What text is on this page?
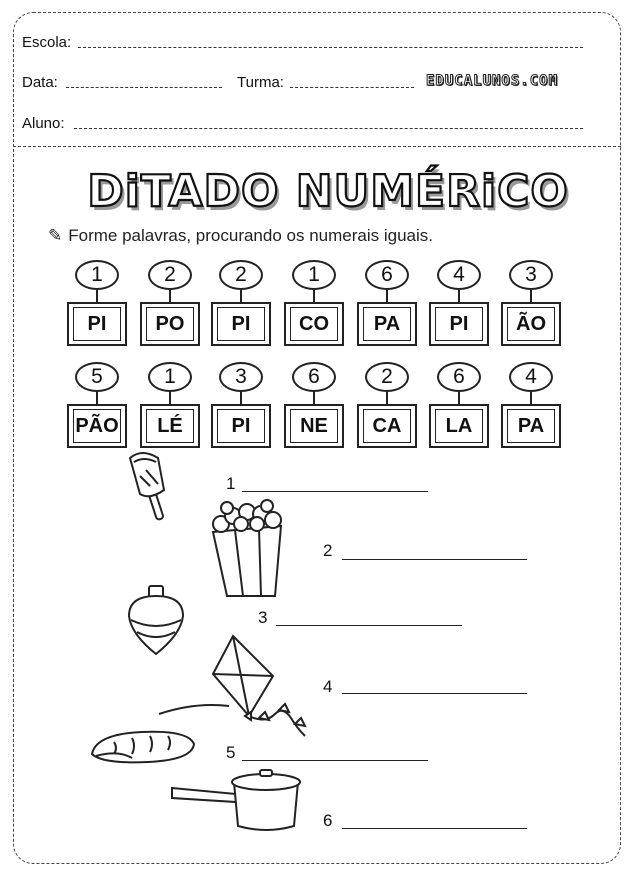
Escola:
Data:	Turma:	EDUCALUNOS.COM
Aluno:
DiTADO NUMÉRiCO
✎ Forme palavras, procurando os numerais iguais.
1
PI
2
PO
2
PI
1
CO
6
PA
4
PI
3
ÃO
5
PÃO
1
LÉ
3
PI
6
NE
2
CA
6
LA
4
PA
1
2
3
4
5
6
